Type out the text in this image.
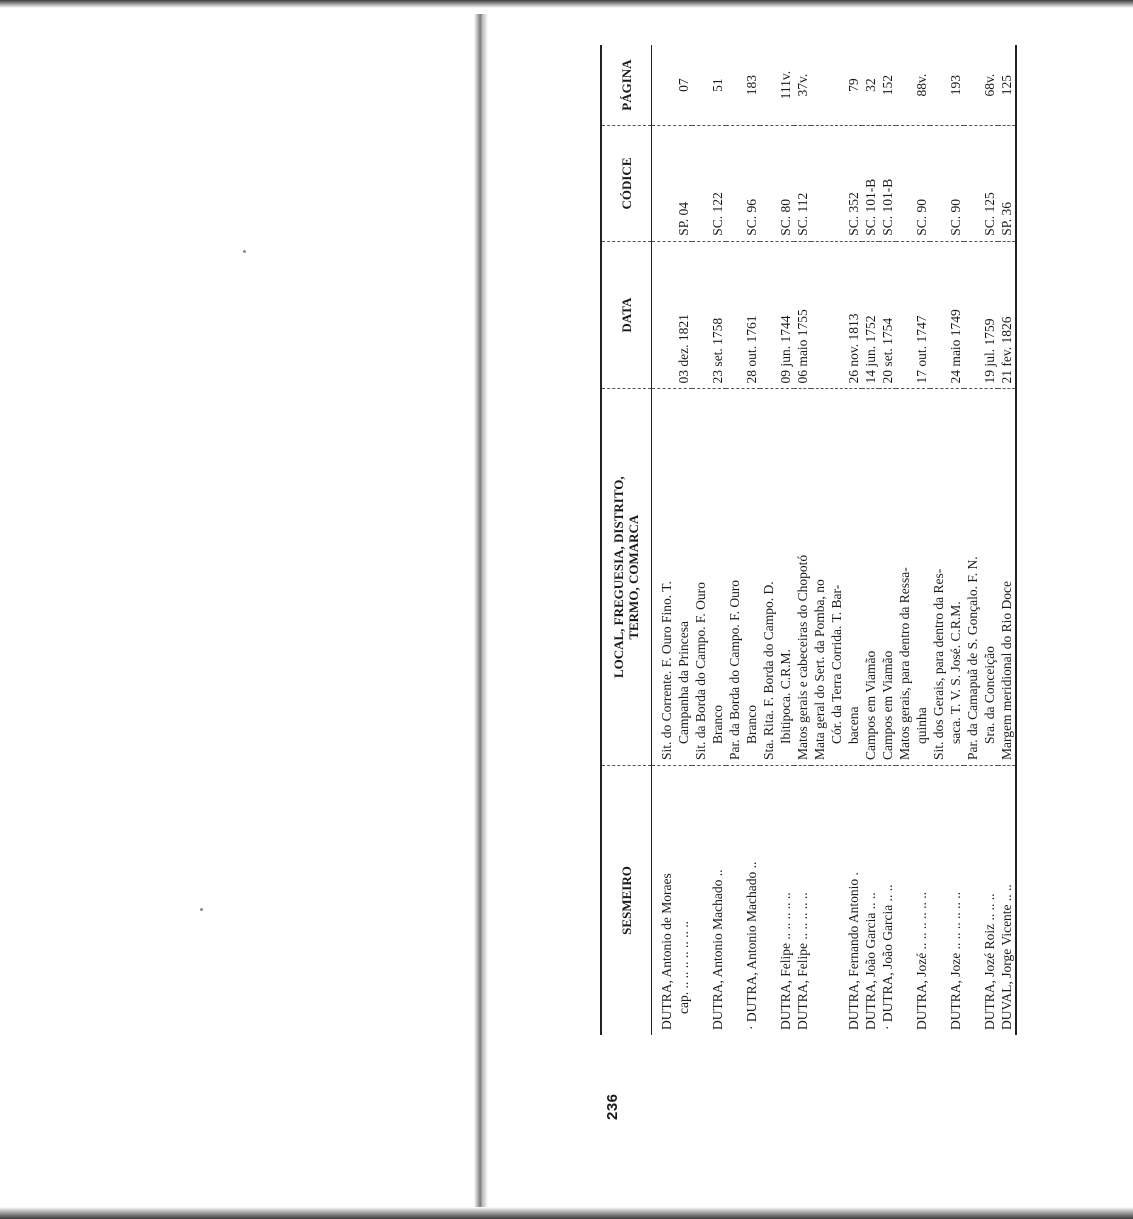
236
SESMEIRO	LOCAL, FREGUESIA, DISTRITO,
TERMO, COMARCA	DATA	CÓDICE	PÁGINA

DUTRA, Antonio de Moraes cap. .. .. .. .. .. .. ..	Sit. do Corrente. F. Ouro Fino. T. Campanha da Princesa	03 dez. 1821	SP. 04	07

DUTRA, Antonio Machado ..	Sit. da Borda do Campo. F. Ouro Branco	23 set. 1758	SC. 122	51

· DUTRA, Antonio Machado ..	Par. da Borda do Campo. F. Ouro Branco	28 out. 1761	SC. 96	183

DUTRA, Felipe .. .. .. .. ..	Sta. Rita. F. Borda do Campo. D. Ibitipoca. C.R.M.	09 jun. 1744	SC. 80	111v.

DUTRA, Felipe .. .. .. .. ..	Matos gerais e cabeceiras do Chopotó	06 maio 1755	SC. 112	37v.

DUTRA, Fernando Antonio .	Mata geral do Sert. da Pomba, no Cór. da Terra Corrida. T. Bar- bacena	26 nov. 1813	SC. 352	79

DUTRA, João Garcia .. ..	Campos em Viamão	14 jun. 1752	SC. 101-B	32

· DUTRA, João Garcia .. ..	Campos em Viamão	20 set. 1754	SC. 101-B	152

DUTRA, Jozé .. .. .. .. .. ..	Matos gerais, para dentro da Ressa- quinha	17 out. 1747	SC. 90	88v.

DUTRA, Joze .. .. .. .. .. ..	Sit. dos Gerais, para dentro da Res- saca. T. V. S. José. C.R.M.	24 maio 1749	SC. 90	193

DUTRA, Jozé Roiz .. .. ..	Par. da Camapuã de S. Gonçalo. F. N. Sra. da Conceição	19 jul. 1759	SC. 125	68v.

DUVAL, Jorge Vicente .. ..	Margem meridional do Rio Doce	21 fev. 1826	SP. 36	125
